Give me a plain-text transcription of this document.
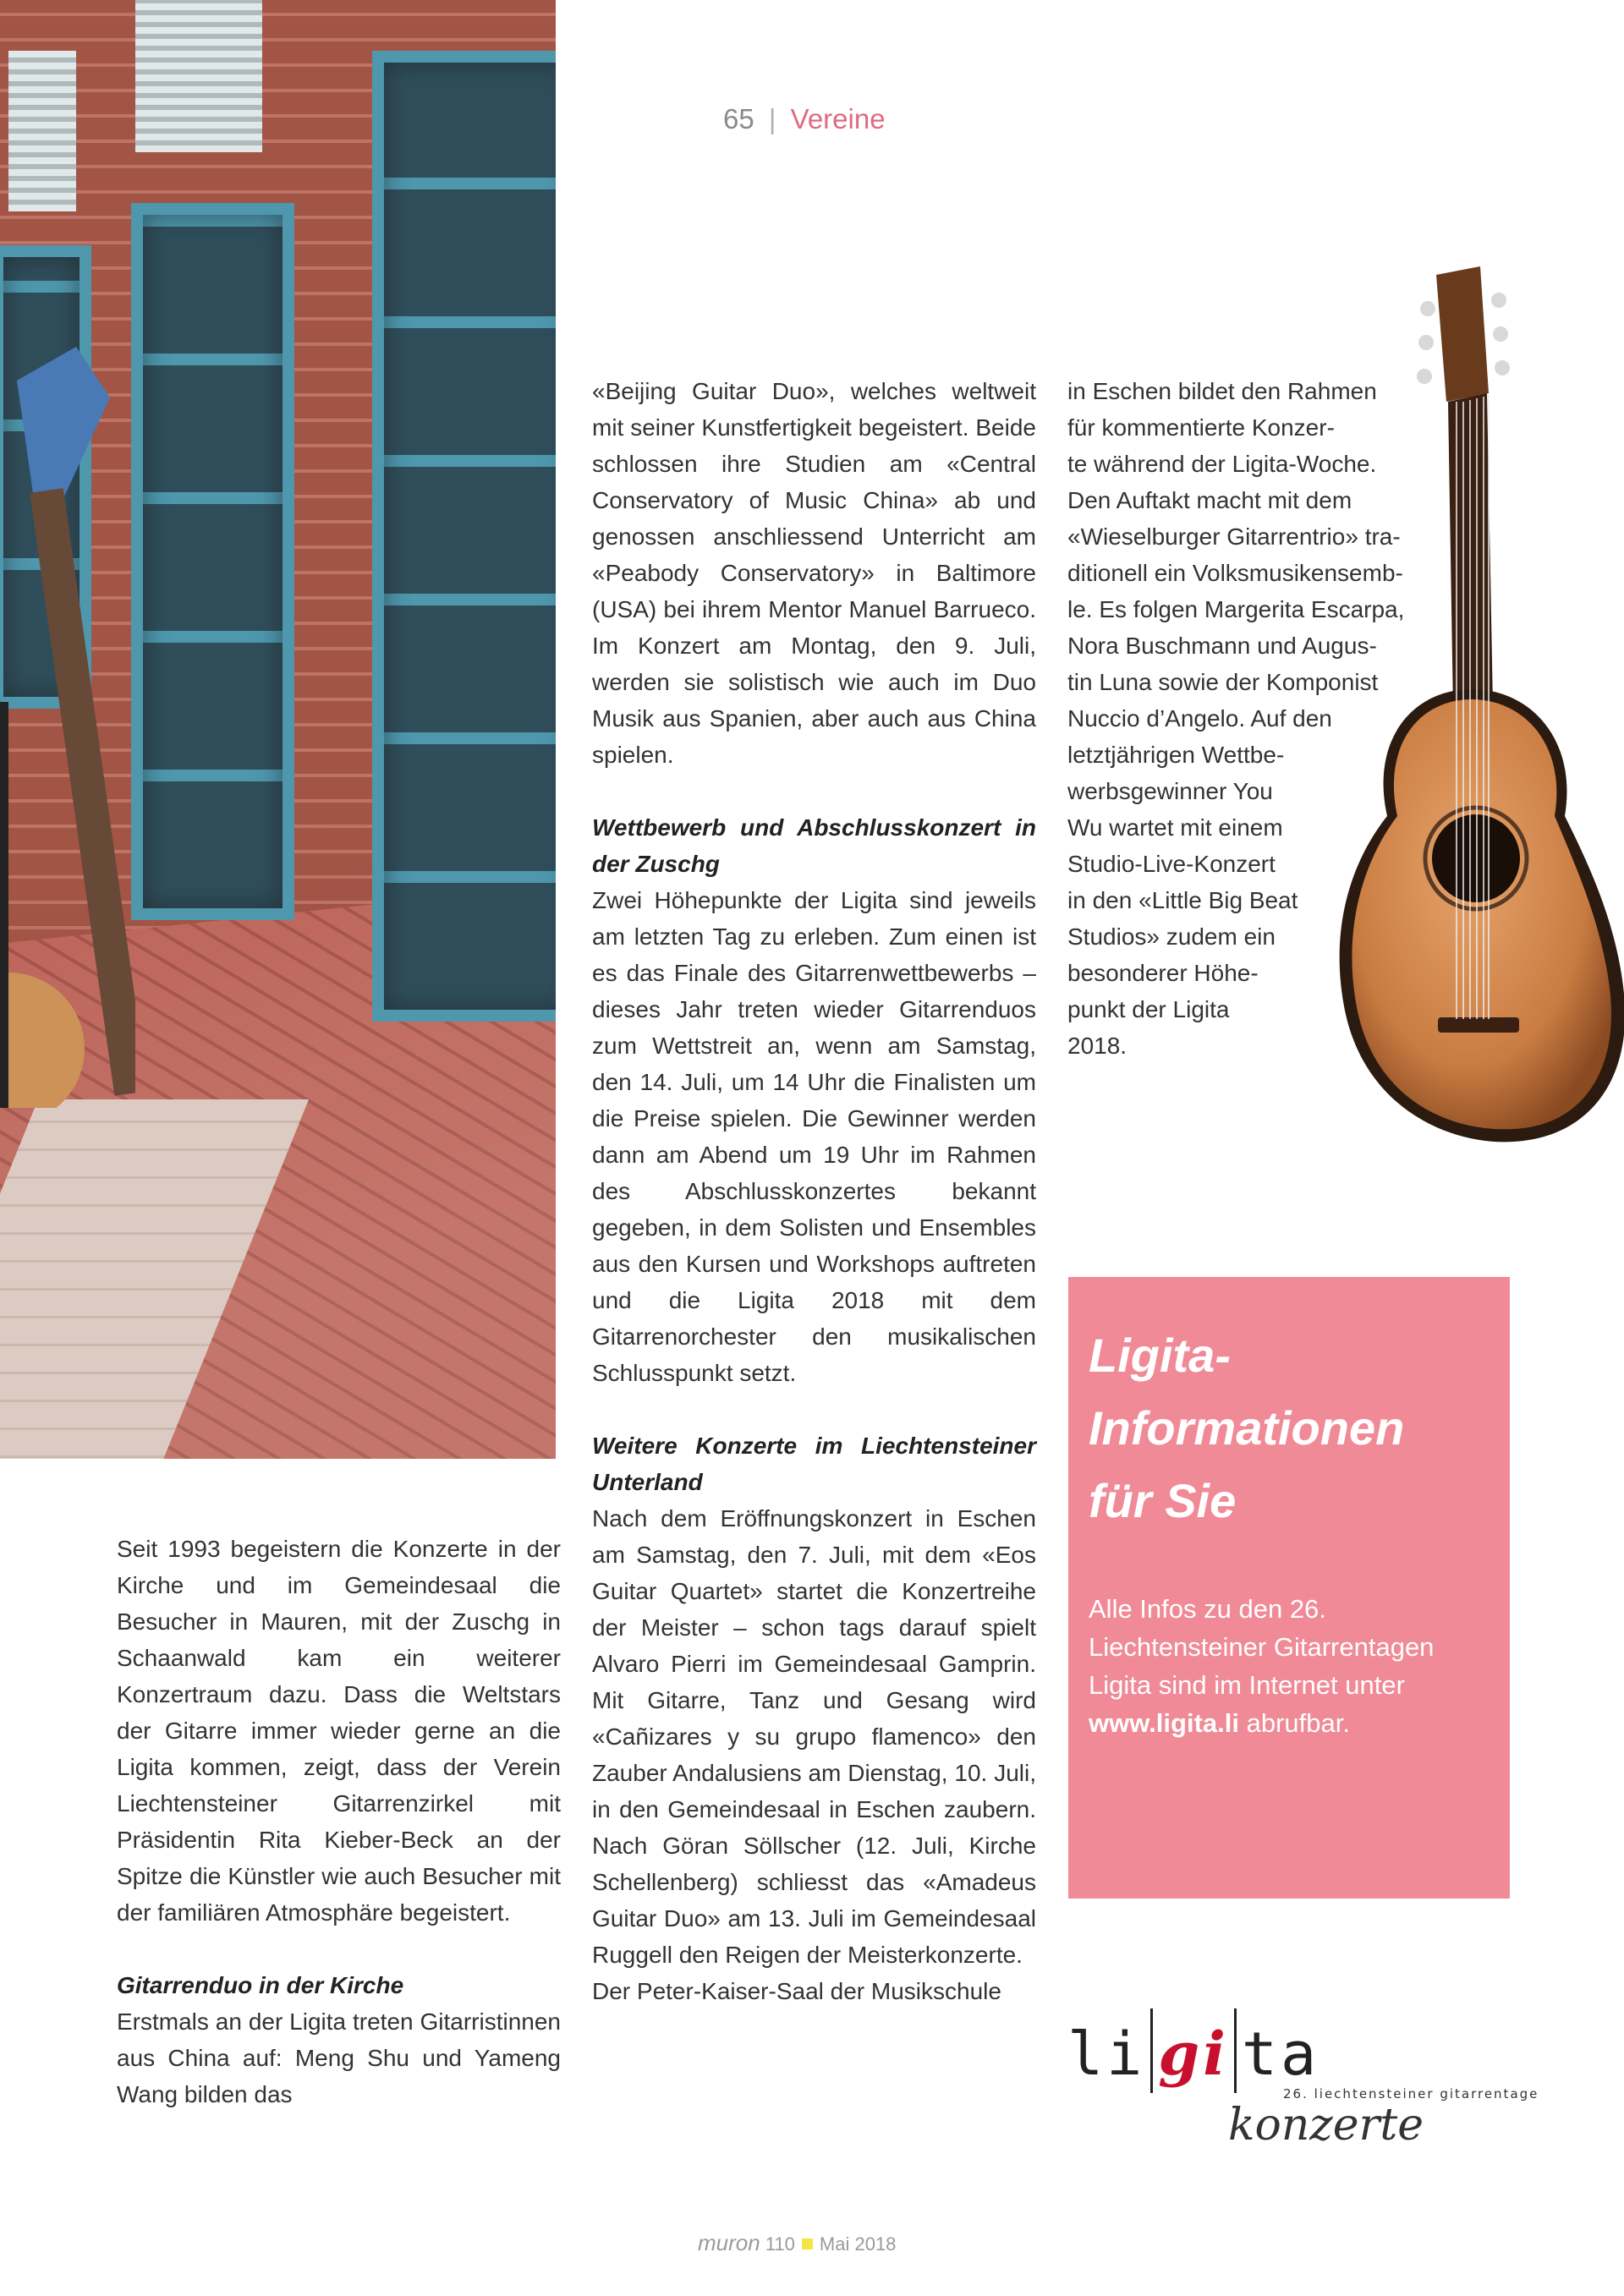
65 | Vereine

Seit 1993 begeistern die Konzerte in der Kirche und im Gemeindesaal die Besucher in Mauren, mit der Zuschg in Schaanwald kam ein weiterer Konzertraum dazu. Dass die Weltstars der Gitarre immer wieder gerne an die Ligita kommen, zeigt, dass der Verein Liechtensteiner Gitarrenzirkel mit Präsidentin Rita Kieber-Beck an der Spitze die Künstler wie auch Besucher mit der familiären Atmosphäre begeistert.

Gitarrenduo in der Kirche

Erstmals an der Ligita treten Gitarristinnen aus China auf: Meng Shu und Yameng Wang bilden das

«Beijing Guitar Duo», welches weltweit mit seiner Kunstfertigkeit begeistert. Beide schlossen ihre Studien am «Central Conservatory of Music China» ab und genossen anschliessend Unterricht am «Peabody Conservatory» in Baltimore (USA) bei ihrem Mentor Manuel Barrueco. Im Konzert am Montag, den 9. Juli, werden sie solistisch wie auch im Duo Musik aus Spanien, aber auch aus China spielen.

Wettbewerb und Abschlusskonzert in der Zuschg

Zwei Höhepunkte der Ligita sind jeweils am letzten Tag zu erleben. Zum einen ist es das Finale des Gitarrenwettbewerbs – dieses Jahr treten wieder Gitarrenduos zum Wettstreit an, wenn am Samstag, den 14. Juli, um 14 Uhr die Finalisten um die Preise spielen. Die Gewinner werden dann am Abend um 19 Uhr im Rahmen des Abschlusskonzertes bekannt gegeben, in dem Solisten und Ensembles aus den Kursen und Workshops auftreten und die Ligita 2018 mit dem Gitarrenorchester den musikalischen Schlusspunkt setzt.

Weitere Konzerte im Liechtensteiner Unterland

Nach dem Eröffnungskonzert in Eschen am Samstag, den 7. Juli, mit dem «Eos Guitar Quartet» startet die Konzertreihe der Meister – schon tags darauf spielt Alvaro Pierri im Gemeindesaal Gamprin. Mit Gitarre, Tanz und Gesang wird «Cañizares y su grupo flamenco» den Zauber Andalusiens am Dienstag, 10. Juli, in den Gemeindesaal in Eschen zaubern. Nach Göran Söllscher (12. Juli, Kirche Schellenberg) schliesst das «Amadeus Guitar Duo» am 13. Juli im Gemeindesaal Ruggell den Reigen der Meisterkonzerte.

Der Peter-Kaiser-Saal der Musikschule

in Eschen bildet den Rahmen
für kommentierte Konzer-
te während der Ligita-Woche.
Den Auftakt macht mit dem
«Wieselburger Gitarrentrio» tra-
ditionell ein Volksmusikensemb-
le. Es folgen Margerita Escarpa,
Nora Buschmann und Augus-
tin Luna sowie der Komponist
Nuccio d’Angelo. Auf den
letztjährigen Wettbe-
werbsgewinner You
Wu wartet mit einem
Studio-Live-Konzert
in den «Little Big Beat
Studios» zudem ein
besonderer Höhe-
punkt der Ligita
2018.
Ligita-
Informationen
für Sie

Alle Infos zu den 26. Liechtensteiner Gitarrentagen Ligita sind im Internet unter www.ligita.li abrufbar.

li gi ta
26. liechtensteiner gitarrentage
konzerte
muron 110 Mai 2018
